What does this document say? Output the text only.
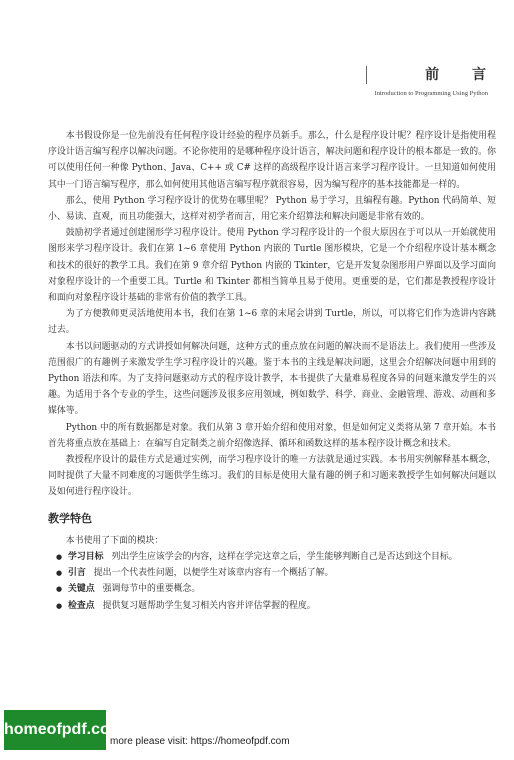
前 言
Introduction to Programming Using Python

本书假设你是一位先前没有任何程序设计经验的程序员新手。那么，什么是程序设计呢？程序设计是指使用程序设计语言编写程序以解决问题。不论你使用的是哪种程序设计语言，解决问题和程序设计的根本都是一致的。你可以使用任何一种像 Python、Java、C++ 或 C# 这样的高级程序设计语言来学习程序设计。一旦知道如何使用其中一门语言编写程序，那么如何使用其他语言编写程序就很容易，因为编写程序的基本技能都是一样的。

那么，使用 Python 学习程序设计的优势在哪里呢？ Python 易于学习，且编程有趣。Python 代码简单、短小、易读、直观，而且功能强大，这样对初学者而言，用它来介绍算法和解决问题是非常有效的。

鼓励初学者通过创建图形学习程序设计。使用 Python 学习程序设计的一个很大原因在于可以从一开始就使用图形来学习程序设计。我们在第 1~6 章使用 Python 内嵌的 Turtle 图形模块，它是一个介绍程序设计基本概念和技术的很好的教学工具。我们在第 9 章介绍 Python 内嵌的 Tkinter，它是开发复杂图形用户界面以及学习面向对象程序设计的一个重要工具。Turtle 和 Tkinter 都相当简单且易于使用。更重要的是，它们都是教授程序设计和面向对象程序设计基础的非常有价值的教学工具。

为了方便教师更灵活地使用本书，我们在第 1~6 章的末尾会讲到 Turtle，所以，可以将它们作为选讲内容跳过去。

本书以问题驱动的方式讲授如何解决问题，这种方式的重点放在问题的解决而不是语法上。我们使用一些涉及范围很广的有趣例子来激发学生学习程序设计的兴趣。鉴于本书的主线是解决问题，这里会介绍解决问题中用到的 Python 语法和库。为了支持问题驱动方式的程序设计教学，本书提供了大量难易程度各异的问题来激发学生的兴趣。为适用于各个专业的学生，这些问题涉及很多应用领域，例如数学、科学、商业、金融管理、游戏、动画和多媒体等。

Python 中的所有数据都是对象。我们从第 3 章开始介绍和使用对象，但是如何定义类将从第 7 章开始。本书首先将重点放在基础上：在编写自定制类之前介绍像选择、循环和函数这样的基本程序设计概念和技术。

教授程序设计的最佳方式是通过实例，而学习程序设计的唯一方法就是通过实践。本书用实例解释基本概念，同时提供了大量不同难度的习题供学生练习。我们的目标是使用大量有趣的例子和习题来教授学生如何解决问题以及如何进行程序设计。

教学特色

本书使用了下面的模块：

● 学习目标 列出学生应该学会的内容，这样在学完这章之后，学生能够判断自己是否达到这个目标。
● 引言 提出一个代表性问题，以便学生对该章内容有一个概括了解。
● 关键点 强调每节中的重要概念。
● 检查点 提供复习题帮助学生复习相关内容并评估掌握的程度。
homeofpdf.com
more please visit: https://homeofpdf.com
